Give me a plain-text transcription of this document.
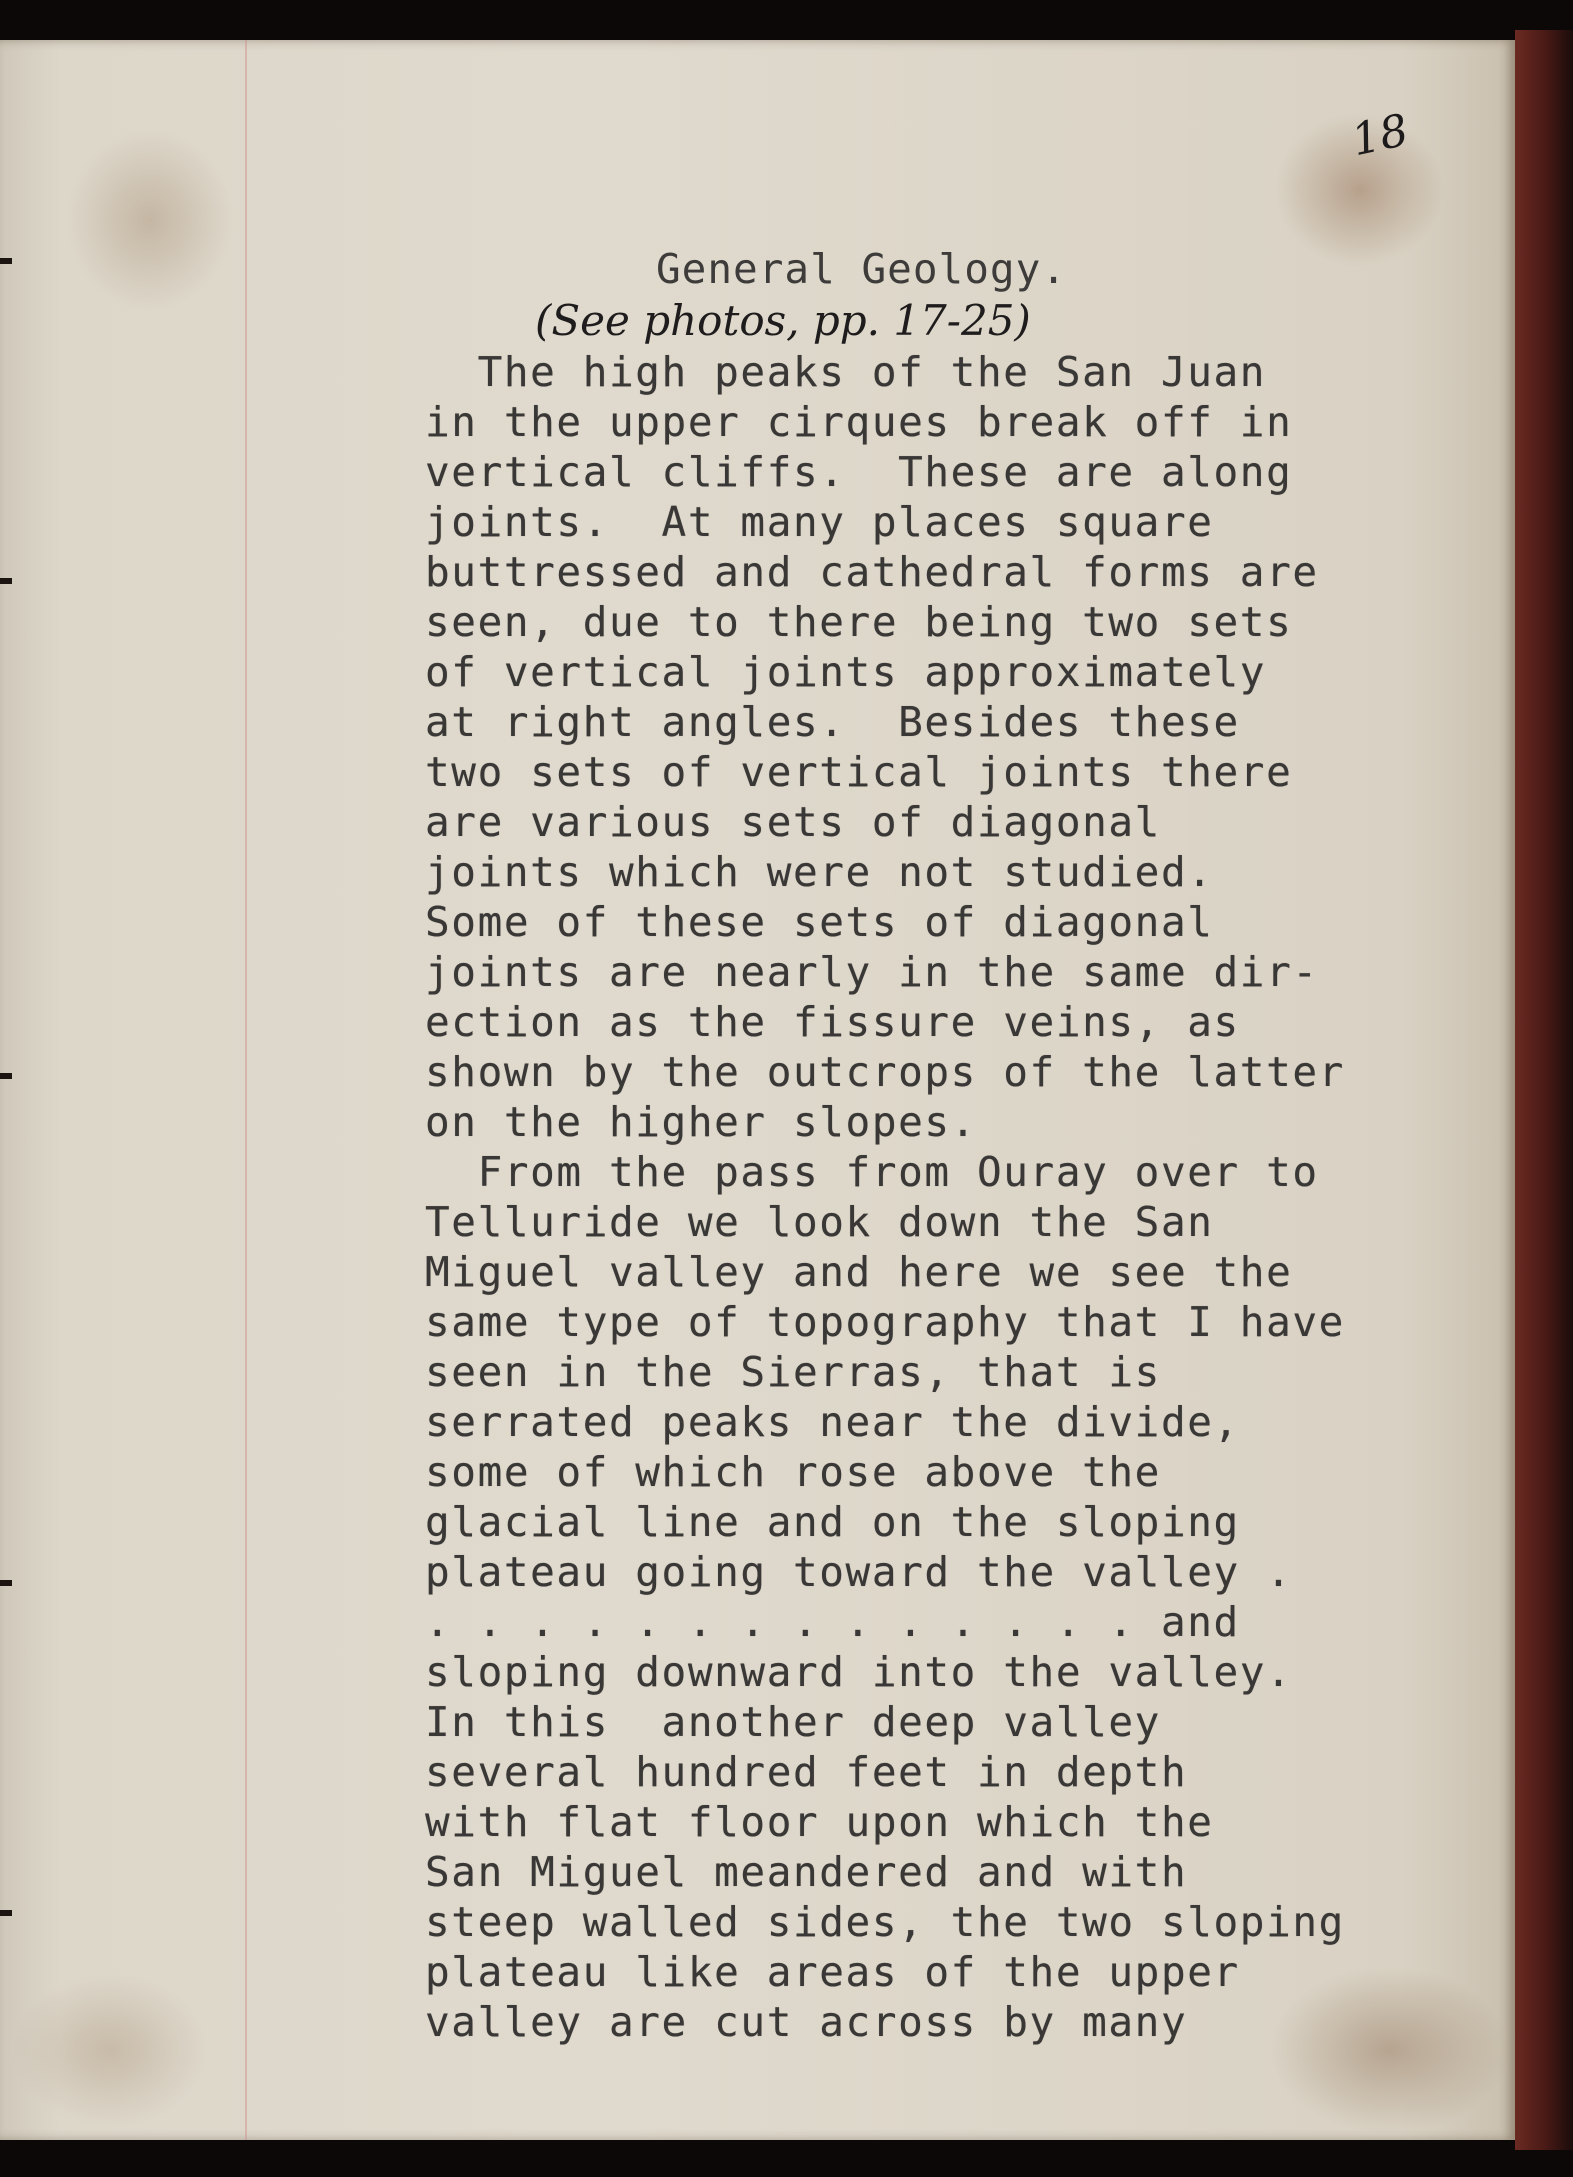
18
General Geology.
(See photos, pp. 17-25)
The high peaks of the San Juan
in the upper cirques break off in
vertical cliffs.  These are along
joints.  At many places square
buttressed and cathedral forms are
seen, due to there being two sets
of vertical joints approximately
at right angles.  Besides these
two sets of vertical joints there
are various sets of diagonal
joints which were not studied.
Some of these sets of diagonal
joints are nearly in the same dir-
ection as the fissure veins, as
shown by the outcrops of the latter
on the higher slopes.
From the pass from Ouray over to
Telluride we look down the San
Miguel valley and here we see the
same type of topography that I have
seen in the Sierras, that is
serrated peaks near the divide,
some of which rose above the
glacial line and on the sloping
plateau going toward the valley .
. . . . . . . . . . . . . . and
sloping downward into the valley.
In this  another deep valley
several hundred feet in depth
with flat floor upon which the
San Miguel meandered and with
steep walled sides, the two sloping
plateau like areas of the upper
valley are cut across by many
